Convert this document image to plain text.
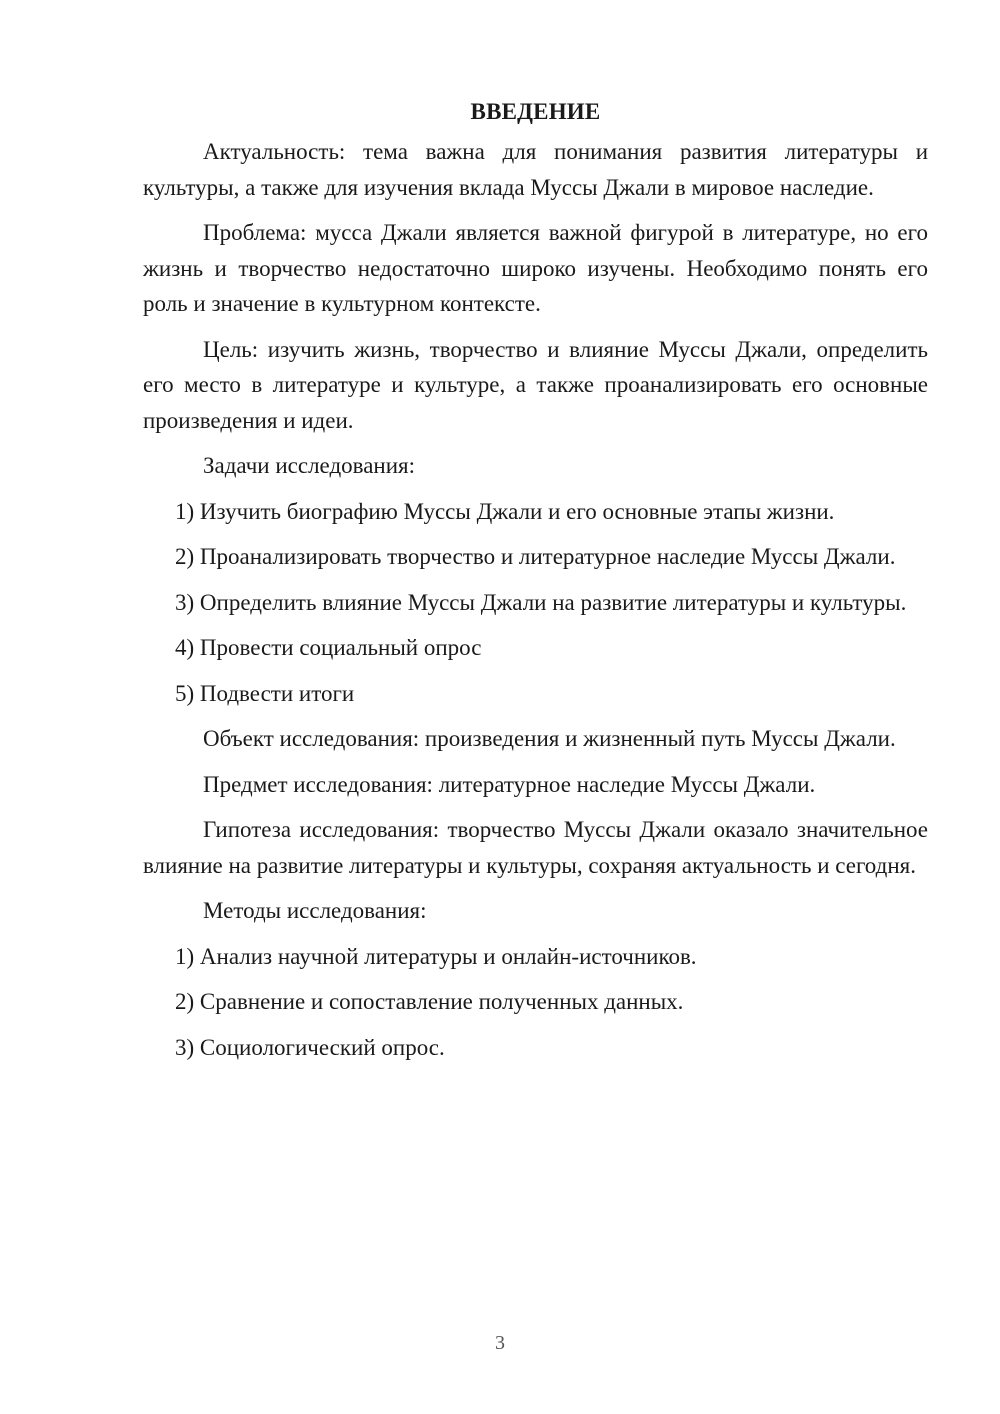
ВВЕДЕНИЕ

Актуальность: тема важна для понимания развития литературы и культуры, а также для изучения вклада Муссы Джали в мировое наследие.

Проблема: мусса Джали является важной фигурой в литературе, но его жизнь и творчество недостаточно широко изучены. Необходимо понять его роль и значение в культурном контексте.

Цель: изучить жизнь, творчество и влияние Муссы Джали, определить его место в литературе и культуре, а также проанализировать его основные произведения и идеи.

Задачи исследования:

1) Изучить биографию Муссы Джали и его основные этапы жизни.

2) Проанализировать творчество и литературное наследие Муссы Джали.

3) Определить влияние Муссы Джали на развитие литературы и культуры.

4) Провести социальный опрос

5) Подвести итоги

Объект исследования: произведения и жизненный путь Муссы Джали.

Предмет исследования: литературное наследие Муссы Джали.

Гипотеза исследования: творчество Муссы Джали оказало значительное влияние на развитие литературы и культуры, сохраняя актуальность и сегодня.

Методы исследования:

1) Анализ научной литературы и онлайн-источников.

2) Сравнение и сопоставление полученных данных.

3) Социологический опрос.

3
